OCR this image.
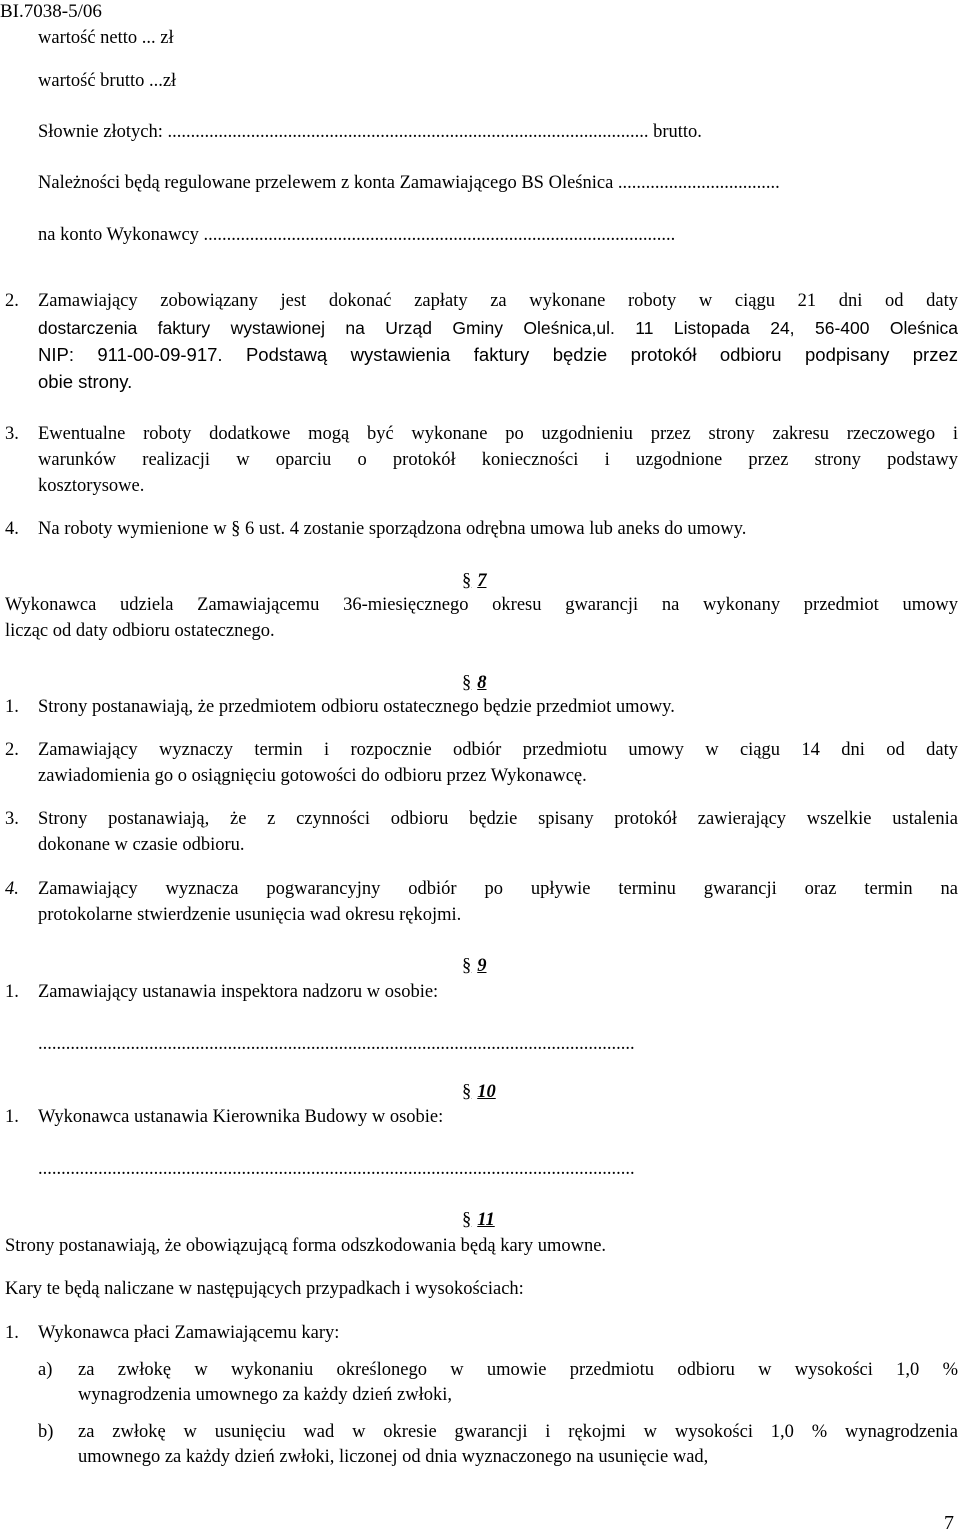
BI.7038-5/06
wartość netto ... zł
wartość brutto ...zł
Słownie złotych: ........................................................................................................ brutto.
Należności będą regulowane przelewem z konta Zamawiającego BS Oleśnica ...................................
na konto Wykonawcy ......................................................................................................
2. Zamawiający zobowiązany jest dokonać zapłaty za wykonane roboty w ciągu 21 dni od daty
dostarczenia faktury wystawionej na Urząd Gminy Oleśnica,ul. 11 Listopada 24, 56-400 Oleśnica
NIP: 911-00-09-917. Podstawą wystawienia faktury będzie protokół odbioru podpisany przez
obie strony.
3. Ewentualne roboty dodatkowe mogą być wykonane po uzgodnieniu przez strony zakresu rzeczowego i
warunków realizacji w oparciu o protokół konieczności i uzgodnione przez strony podstawy
kosztorysowe.
4. Na roboty wymienione w § 6 ust. 4 zostanie sporządzona odrębna umowa lub aneks do umowy.
§ 7
Wykonawca udziela Zamawiającemu 36-miesięcznego okresu gwarancji na wykonany przedmiot umowy
licząc od daty odbioru ostatecznego.
§ 8
1. Strony postanawiają, że przedmiotem odbioru ostatecznego będzie przedmiot umowy.
2. Zamawiający wyznaczy termin i rozpocznie odbiór przedmiotu umowy w ciągu 14 dni od daty
zawiadomienia go o osiągnięciu gotowości do odbioru przez Wykonawcę.
3. Strony postanawiają, że z czynności odbioru będzie spisany protokół zawierający wszelkie ustalenia
dokonane w czasie odbioru.
4. Zamawiający wyznacza pogwarancyjny odbiór po upływie terminu gwarancji oraz termin na
protokolarne stwierdzenie usunięcia wad okresu rękojmi.
§ 9
1. Zamawiający ustanawia inspektora nadzoru w osobie:
.................................................................................................................................
§ 10
1. Wykonawca ustanawia Kierownika Budowy w osobie:
.................................................................................................................................
§ 11
Strony postanawiają, że obowiązującą forma odszkodowania będą kary umowne.
Kary te będą naliczane w następujących przypadkach i wysokościach:
1. Wykonawca płaci Zamawiającemu kary:
a) za zwłokę w wykonaniu określonego w umowie przedmiotu odbioru w wysokości 1,0 %
wynagrodzenia umownego za każdy dzień zwłoki,
b) za zwłokę w usunięciu wad w okresie gwarancji i rękojmi w wysokości 1,0 % wynagrodzenia
umownego za każdy dzień zwłoki, liczonej od dnia wyznaczonego na usunięcie wad,
7
